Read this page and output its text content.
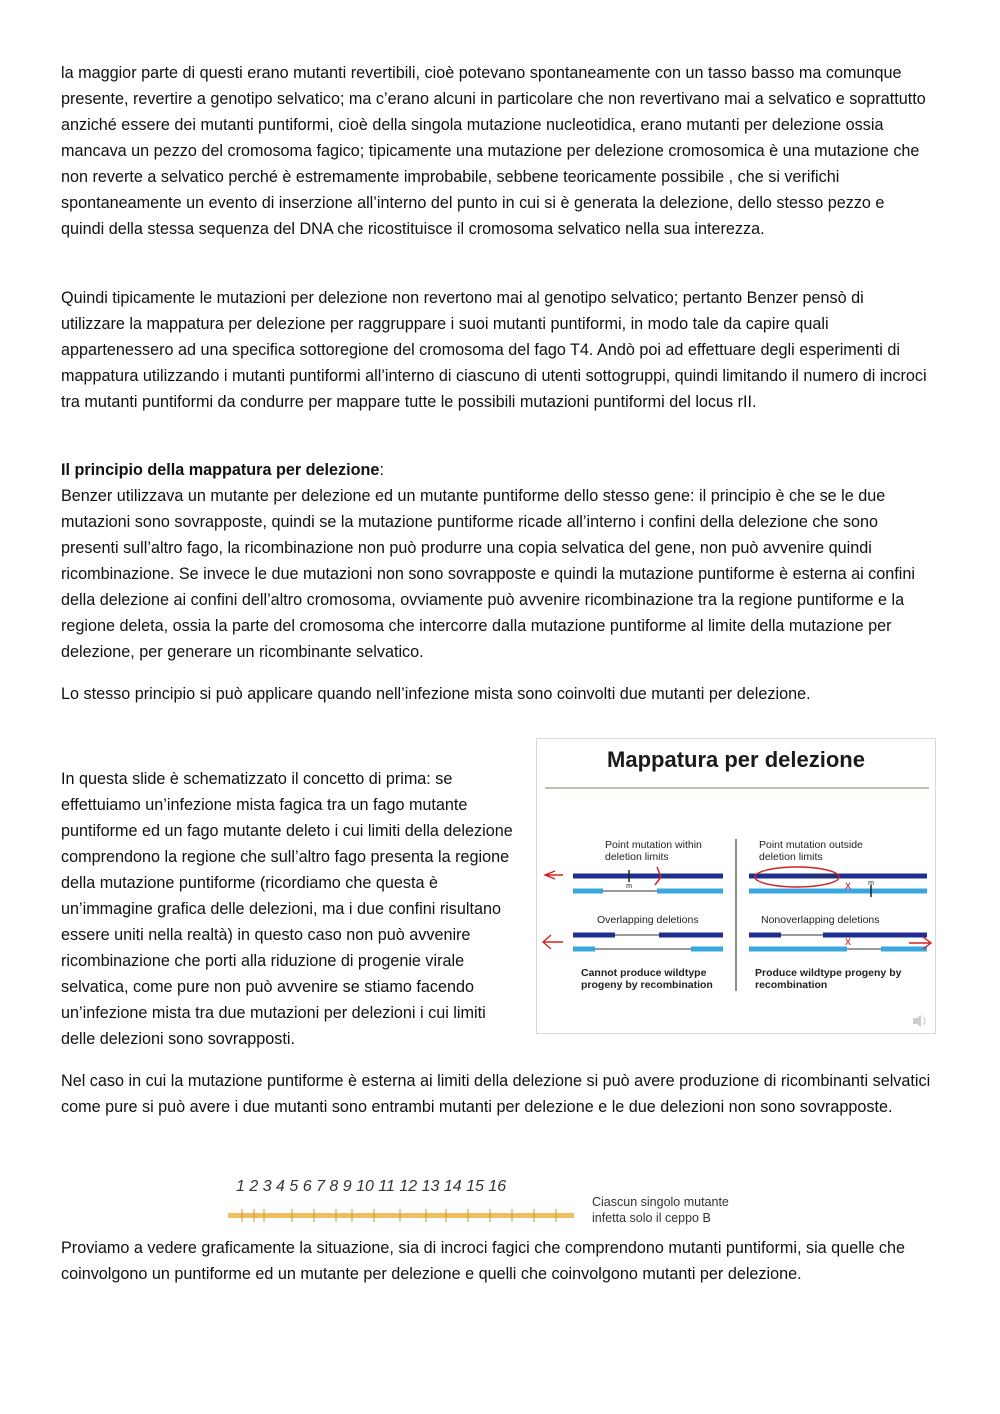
la maggior parte di questi erano mutanti revertibili, cioè potevano spontaneamente con un tasso basso ma comunque presente, revertire a genotipo selvatico; ma c’erano alcuni in particolare che non revertivano mai a selvatico e soprattutto anziché essere dei mutanti puntiformi, cioè della singola mutazione nucleotidica, erano mutanti per delezione ossia mancava un pezzo del cromosoma fagico; tipicamente una mutazione per delezione cromosomica è una mutazione che non reverte a selvatico perché è estremamente improbabile, sebbene teoricamente possibile , che si verifichi spontaneamente un evento di inserzione all’interno del punto in cui si è generata la delezione, dello stesso pezzo e quindi della stessa sequenza del DNA che ricostituisce il cromosoma selvatico nella sua interezza.

Quindi tipicamente le mutazioni per delezione non revertono mai al genotipo selvatico; pertanto Benzer pensò di utilizzare la mappatura per delezione per raggruppare i suoi mutanti puntiformi, in modo tale da capire quali appartenessero ad una specifica sottoregione del cromosoma del fago T4. Andò poi ad effettuare degli esperimenti di mappatura utilizzando i mutanti puntiformi all’interno di ciascuno di utenti sottogruppi, quindi limitando il numero di incroci tra mutanti puntiformi da condurre per mappare tutte le possibili mutazioni puntiformi del locus rII.

Il principio della mappatura per delezione:
Benzer utilizzava un mutante per delezione ed un mutante puntiforme dello stesso gene: il principio è che se le due mutazioni sono sovrapposte, quindi se la mutazione puntiforme ricade all’interno i confini della delezione che sono presenti sull’altro fago, la ricombinazione non può produrre una copia selvatica del gene, non può avvenire quindi ricombinazione. Se invece le due mutazioni non sono sovrapposte e quindi la mutazione puntiforme è esterna ai confini della delezione ai confini dell’altro cromosoma, ovviamente può avvenire ricombinazione tra la regione puntiforme e la regione deleta, ossia la parte del cromosoma che intercorre dalla mutazione puntiforme al limite della mutazione per delezione, per generare un ricombinante selvatico.

Lo stesso principio si può applicare quando nell’infezione mista sono coinvolti due mutanti per delezione.

In questa slide è schematizzato il concetto di prima: se effettuiamo un’infezione mista fagica tra un fago mutante puntiforme ed un fago mutante deleto i cui limiti della delezione comprendono la regione che sull’altro fago presenta la regione della mutazione puntiforme (ricordiamo che questa è un’immagine grafica delle delezioni, ma i due confini risultano essere uniti nella realtà) in questo caso non può avvenire ricombinazione che porti alla riduzione di progenie virale selvatica, come pure non può avvenire se stiamo facendo un’infezione mista tra due mutazioni per delezioni i cui limiti delle delezioni sono sovrapposti.

Mappatura per delezione
Point mutation within deletion limits
Point mutation outside deletion limits
Overlapping deletions	Nonoverlapping deletions
Cannot produce wildtype progeny by recombination
Produce wildtype progeny by recombination
m	m
x
x

Nel caso in cui la mutazione puntiforme è esterna ai limiti della delezione si può avere produzione di ricombinanti selvatici come pure si può avere i due mutanti sono entrambi mutanti per delezione e le due delezioni non sono sovrapposte.

1 2 3 4 5 6 7 8 9 10 11 12 13 14 15 16
Ciascun singolo mutante
infetta solo il ceppo B

Proviamo a vedere graficamente la situazione, sia di incroci fagici che comprendono mutanti puntiformi, sia quelle che coinvolgono un puntiforme ed un mutante per delezione e quelli che coinvolgono mutanti per delezione.
